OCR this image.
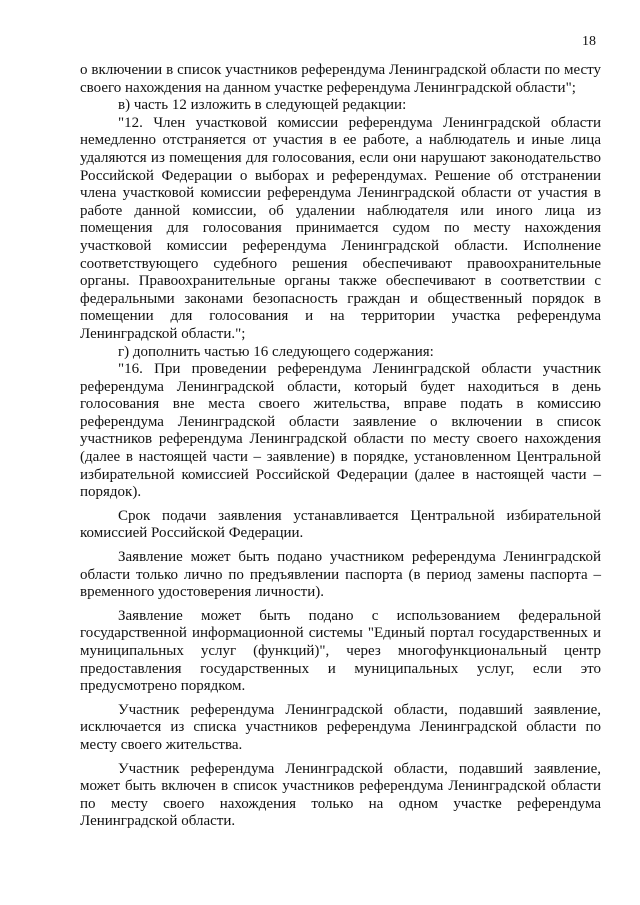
18

о включении в список участников референдума Ленинградской области по месту своего нахождения на данном участке референдума Ленинградской области";

в) часть 12 изложить в следующей редакции:

"12. Член участковой комиссии референдума Ленинградской области немедленно отстраняется от участия в ее работе, а наблюдатель и иные лица удаляются из помещения для голосования, если они нарушают законодательство Российской Федерации о выборах и референдумах. Решение об отстранении члена участковой комиссии референдума Ленинградской области от участия в работе данной комиссии, об удалении наблюдателя или иного лица из помещения для голосования принимается судом по месту нахождения участковой комиссии референдума Ленинградской области. Исполнение соответствующего судебного решения обеспечивают правоохранительные органы. Правоохранительные органы также обеспечивают в соответствии с федеральными законами безопасность граждан и общественный порядок в помещении для голосования и на территории участка референдума Ленинградской области.";

г) дополнить частью 16 следующего содержания:

"16. При проведении референдума Ленинградской области участник референдума Ленинградской области, который будет находиться в день голосования вне места своего жительства, вправе подать в комиссию референдума Ленинградской области заявление о включении в список участников референдума Ленинградской области по месту своего нахождения (далее в настоящей части – заявление) в порядке, установленном Центральной избирательной комиссией Российской Федерации (далее в настоящей части – порядок).

Срок подачи заявления устанавливается Центральной избирательной комиссией Российской Федерации.

Заявление может быть подано участником референдума Ленинградской области только лично по предъявлении паспорта (в период замены паспорта – временного удостоверения личности).

Заявление может быть подано с использованием федеральной государственной информационной системы "Единый портал государственных и муниципальных услуг (функций)", через многофункциональный центр предоставления государственных и муниципальных услуг, если это предусмотрено порядком.

Участник референдума Ленинградской области, подавший заявление, исключается из списка участников референдума Ленинградской области по месту своего жительства.

Участник референдума Ленинградской области, подавший заявление, может быть включен в список участников референдума Ленинградской области по месту своего нахождения только на одном участке референдума Ленинградской области.
